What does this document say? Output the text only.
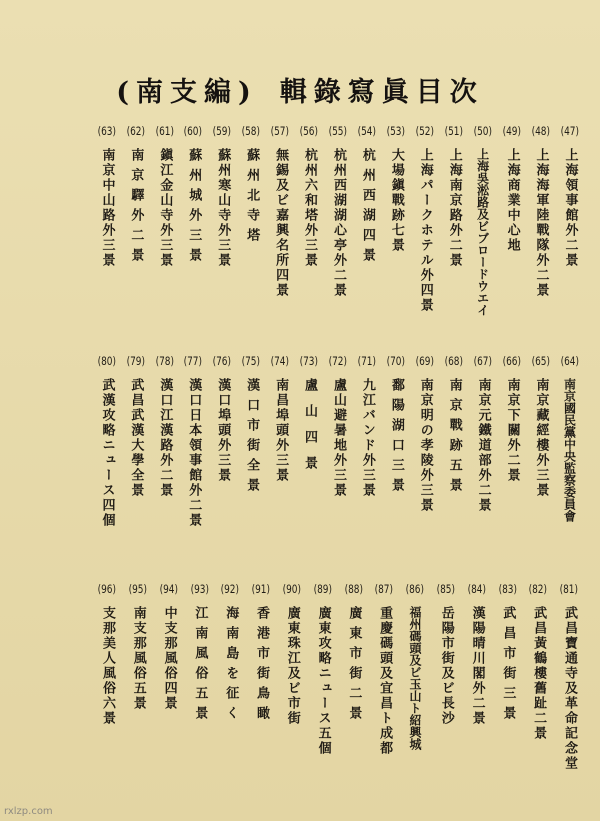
(南支編) 輯錄寫眞目次
(47)
上海領事館外二景
(48)
上海海軍陸戰隊外二景
(49)
上海商業中心地
(50)
上海吳淞路及ビブロードウエイ
(51)
上海南京路外二景
(52)
上海パークホテル外四景
(53)
大場鎭戰跡七景
(54)
杭州西湖四景
(55)
杭州西湖湖心亭外二景
(56)
杭州六和塔外三景
(57)
無錫及ビ嘉興名所四景
(58)
蘇州北寺塔
(59)
蘇州寒山寺外三景
(60)
蘇州城外三景
(61)
鎭江金山寺外三景
(62)
南京驛外二景
(63)
南京中山路外三景
(64)
南京國民黨中央監察委員會
(65)
南京藏經樓外三景
(66)
南京下關外二景
(67)
南京元鐵道部外二景
(68)
南京戰跡五景
(69)
南京明の孝陵外三景
(70)
鄱陽湖口三景
(71)
九江バンド外三景
(72)
盧山避暑地外三景
(73)
盧山四景
(74)
南昌埠頭外三景
(75)
漢口市街全景
(76)
漢口埠頭外三景
(77)
漢口日本領事館外二景
(78)
漢口江漢路外二景
(79)
武昌武漢大學全景
(80)
武漢攻略ニュース四個
(81)
武昌寶通寺及革命記念堂
(82)
武昌黃鶴樓舊趾二景
(83)
武昌市街三景
(84)
漢陽晴川閣外二景
(85)
岳陽市街及ビ長沙
(86)
福州碼頭及ビ玉山ト紹興城
(87)
重慶碼頭及宜昌ト成都
(88)
廣東市街二景
(89)
廣東攻略ニュース五個
(90)
廣東珠江及ビ市街
(91)
香港市街鳥瞰
(92)
海南島を征く
(93)
江南風俗五景
(94)
中支那風俗四景
(95)
南支那風俗五景
(96)
支那美人風俗六景
rxlzp.com
